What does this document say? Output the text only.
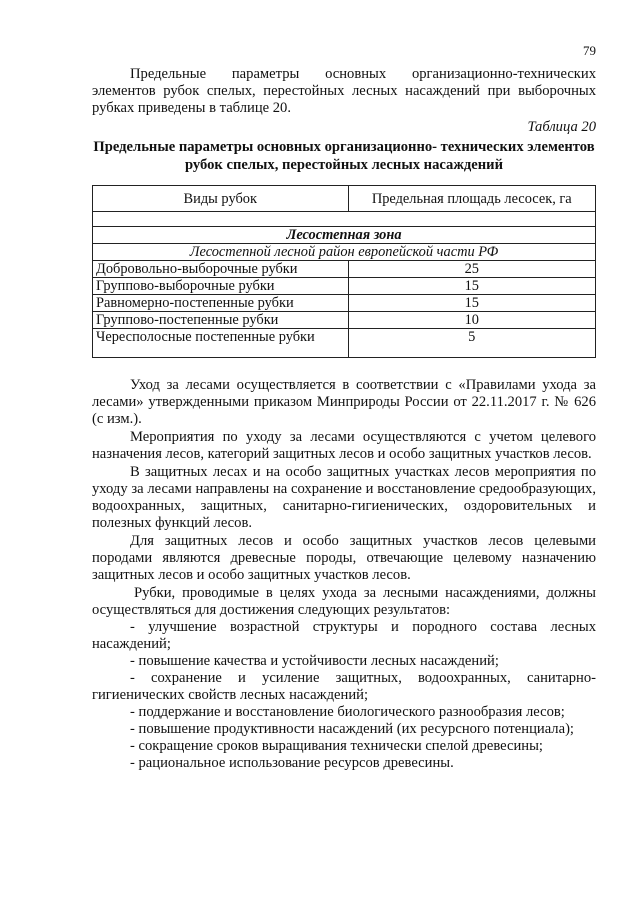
79

Предельные параметры основных организационно-технических элементов рубок спелых, перестойных лесных насаждений при выборочных рубках приведены в таблице 20.

Таблица 20
Предельные параметры основных организационно- технических элементов рубок спелых, перестойных лесных насаждений
Виды рубок	Предельная площадь лесосек, га

Лесостепная зона	
Лесостепной лесной район европейской части РФ	
Добровольно-выборочные рубки	25
Группово-выборочные рубки	15
Равномерно-постепенные рубки	15
Группово-постепенные рубки	10
Чересполосные постепенные рубки	5

Уход за лесами осуществляется в соответствии с «Правилами ухода за лесами» утвержденными приказом Минприроды России от 22.11.2017 г. № 626 (с изм.).

Мероприятия по уходу за лесами осуществляются с учетом целевого назначения лесов, категорий защитных лесов и особо защитных участков лесов.

В защитных лесах и на особо защитных участках лесов мероприятия по уходу за лесами направлены на сохранение и восстановление средообразующих, водоохранных, защитных, санитарно-гигиенических, оздоровительных и полезных функций лесов.

Для защитных лесов и особо защитных участков лесов целевыми породами являются древесные породы, отвечающие целевому назначению защитных лесов и особо защитных участков лесов.

Рубки, проводимые в целях ухода за лесными насаждениями, должны осуществляться для достижения следующих результатов:

- улучшение возрастной структуры и породного состава лесных насаждений;
- повышение качества и устойчивости лесных насаждений;
- сохранение и усиление защитных, водоохранных, санитарно-гигиенических свойств лесных насаждений;
- поддержание и восстановление биологического разнообразия лесов;
- повышение продуктивности насаждений (их ресурсного потенциала);
- сокращение сроков выращивания технически спелой древесины;
- рациональное использование ресурсов древесины.
